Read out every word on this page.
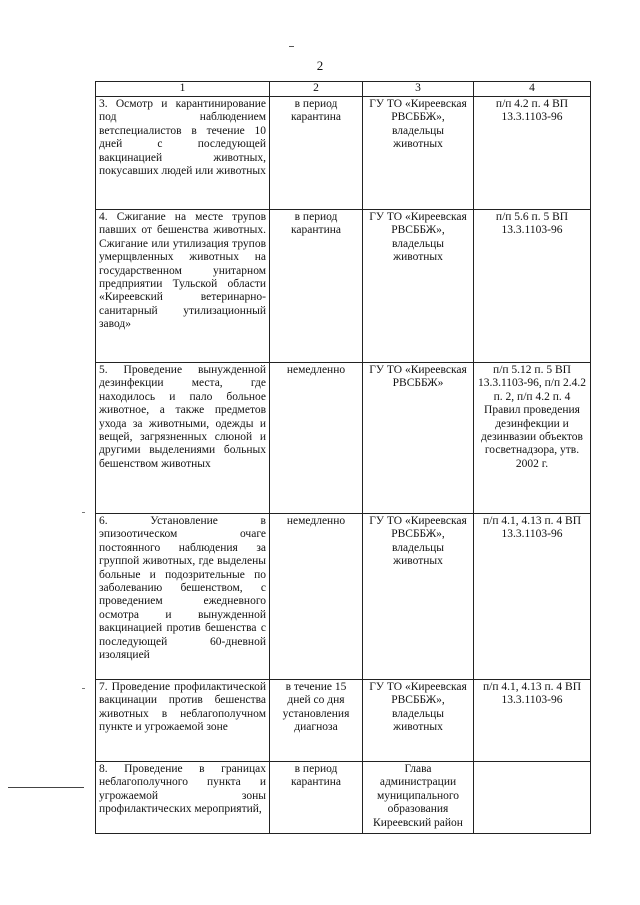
2
1	2	3	4
3. Осмотр и карантинирование под наблюдением ветспециалистов в течение 10 дней с последующей вакцинацией животных, покусавших людей или животных	в период карантина	ГУ ТО «Киреевская РВСББЖ», владельцы животных	п/п 4.2 п. 4 ВП 13.3.1103-96
4. Сжигание на месте трупов павших от бешенства животных. Сжигание или утилизация трупов умерщвленных животных на государственном унитарном предприятии Тульской области «Киреевский ветеринарно-санитарный утилизационный завод»	в период карантина	ГУ ТО «Киреевская РВСББЖ», владельцы животных	п/п 5.6 п. 5 ВП 13.3.1103-96
5. Проведение вынужденной дезинфекции места, где находилось и пало больное животное, а также предметов ухода за животными, одежды и вещей, загрязненных слюной и другими выделениями больных бешенством животных	немедленно	ГУ ТО «Киреевская РВСББЖ»	п/п 5.12 п. 5 ВП 13.3.1103-96, п/п 2.4.2 п. 2, п/п 4.2 п. 4 Правил проведения дезинфекции и дезинвазии объектов госветнадзора, утв. 2002 г.
6. Установление в эпизоотическом очаге постоянного наблюдения за группой животных, где выделены больные и подозрительные по заболеванию бешенством, с проведением ежедневного осмотра и вынужденной вакцинацией против бешенства с последующей 60-дневной изоляцией	немедленно	ГУ ТО «Киреевская РВСББЖ», владельцы животных	п/п 4.1, 4.13 п. 4 ВП 13.3.1103-96
7. Проведение профилактической вакцинации против бешенства животных в неблагополучном пункте и угрожаемой зоне	в течение 15 дней со дня установления диагноза	ГУ ТО «Киреевская РВСББЖ», владельцы животных	п/п 4.1, 4.13 п. 4 ВП 13.3.1103-96
8. Проведение в границах неблагополучного пункта и угрожаемой зоны профилактических мероприятий,	в период карантина	Глава администрации муниципального образования Киреевский район	
